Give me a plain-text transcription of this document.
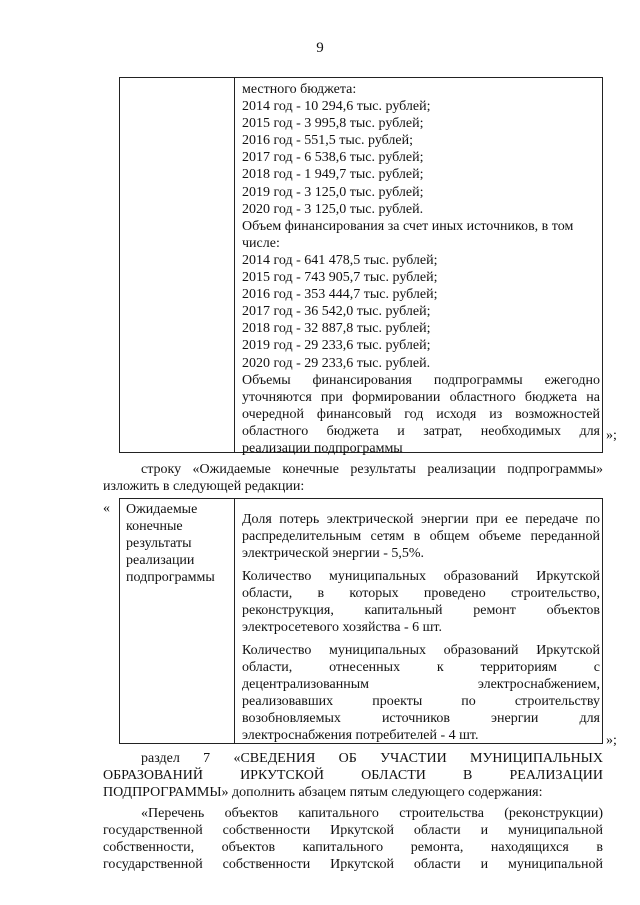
9
местного бюджета:
2014 год - 10 294,6 тыс. рублей;
2015 год - 3 995,8 тыс. рублей;
2016 год - 551,5 тыс. рублей;
2017 год - 6 538,6 тыс. рублей;
2018 год - 1 949,7 тыс. рублей;
2019 год - 3 125,0 тыс. рублей;
2020 год - 3 125,0 тыс. рублей.
Объем финансирования за счет иных источников, в том
числе:
2014 год - 641 478,5 тыс. рублей;
2015 год - 743 905,7 тыс. рублей;
2016 год - 353 444,7 тыс. рублей;
2017 год - 36 542,0 тыс. рублей;
2018 год - 32 887,8 тыс. рублей;
2019 год - 29 233,6 тыс. рублей;
2020 год - 29 233,6 тыс. рублей.
Объемы финансирования подпрограммы ежегодно
уточняются при формировании областного бюджета на
очередной финансовый год исходя из возможностей
областного бюджета и затрат, необходимых для
реализации подпрограммы
»;
строку «Ожидаемые конечные результаты реализации подпрограммы»
изложить в следующей редакции:
« Ожидаемые
конечные
результаты
реализации
подпрограммы
Доля потерь электрической энергии при ее передаче по
распределительным сетям в общем объеме переданной
электрической энергии - 5,5%.
Количество муниципальных образований Иркутской
области, в которых проведено строительство,
реконструкция, капитальный ремонт объектов
электросетевого хозяйства - 6 шт.
Количество муниципальных образований Иркутской
области, отнесенных к территориям с
децентрализованным электроснабжением,
реализовавших проекты по строительству
возобновляемых источников энергии для
электроснабжения потребителей - 4 шт.	»;
раздел 7 «СВЕДЕНИЯ ОБ УЧАСТИИ МУНИЦИПАЛЬНЫХ
ОБРАЗОВАНИЙ ИРКУТСКОЙ ОБЛАСТИ В РЕАЛИЗАЦИИ
ПОДПРОГРАММЫ» дополнить абзацем пятым следующего содержания:
«Перечень объектов капитального строительства (реконструкции)
государственной собственности Иркутской области и муниципальной
собственности, объектов капитального ремонта, находящихся в
государственной собственности Иркутской области и муниципальной
